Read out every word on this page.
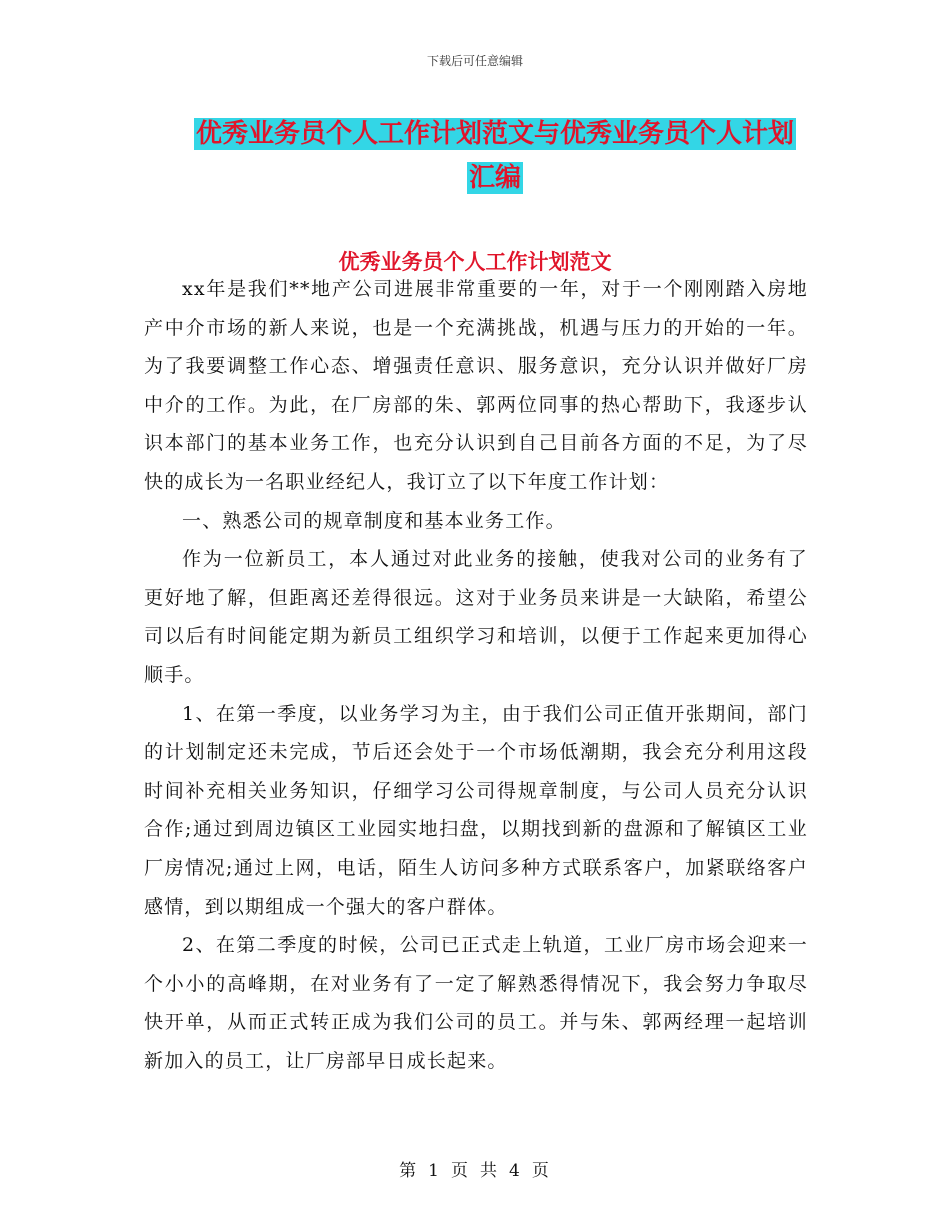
下载后可任意编辑
优秀业务员个人工作计划范文与优秀业务员个人计划
汇编
优秀业务员个人工作计划范文

xx年是我们**地产公司进展非常重要的一年，对于一个刚刚踏入房地产中介市场的新人来说，也是一个充满挑战，机遇与压力的开始的一年。为了我要调整工作心态、增强责任意识、服务意识，充分认识并做好厂房中介的工作。为此，在厂房部的朱、郭两位同事的热心帮助下，我逐步认识本部门的基本业务工作，也充分认识到自己目前各方面的不足，为了尽快的成长为一名职业经纪人，我订立了以下年度工作计划：

一、熟悉公司的规章制度和基本业务工作。

作为一位新员工，本人通过对此业务的接触，使我对公司的业务有了更好地了解，但距离还差得很远。这对于业务员来讲是一大缺陷，希望公司以后有时间能定期为新员工组织学习和培训，以便于工作起来更加得心顺手。

1、在第一季度，以业务学习为主，由于我们公司正值开张期间，部门的计划制定还未完成，节后还会处于一个市场低潮期，我会充分利用这段时间补充相关业务知识，仔细学习公司得规章制度，与公司人员充分认识合作;通过到周边镇区工业园实地扫盘，以期找到新的盘源和了解镇区工业厂房情况;通过上网，电话，陌生人访问多种方式联系客户，加紧联络客户感情，到以期组成一个强大的客户群体。

2、在第二季度的时候，公司已正式走上轨道，工业厂房市场会迎来一个小小的高峰期，在对业务有了一定了解熟悉得情况下，我会努力争取尽快开单，从而正式转正成为我们公司的员工。并与朱、郭两经理一起培训新加入的员工，让厂房部早日成长起来。

第 1 页 共 4 页
